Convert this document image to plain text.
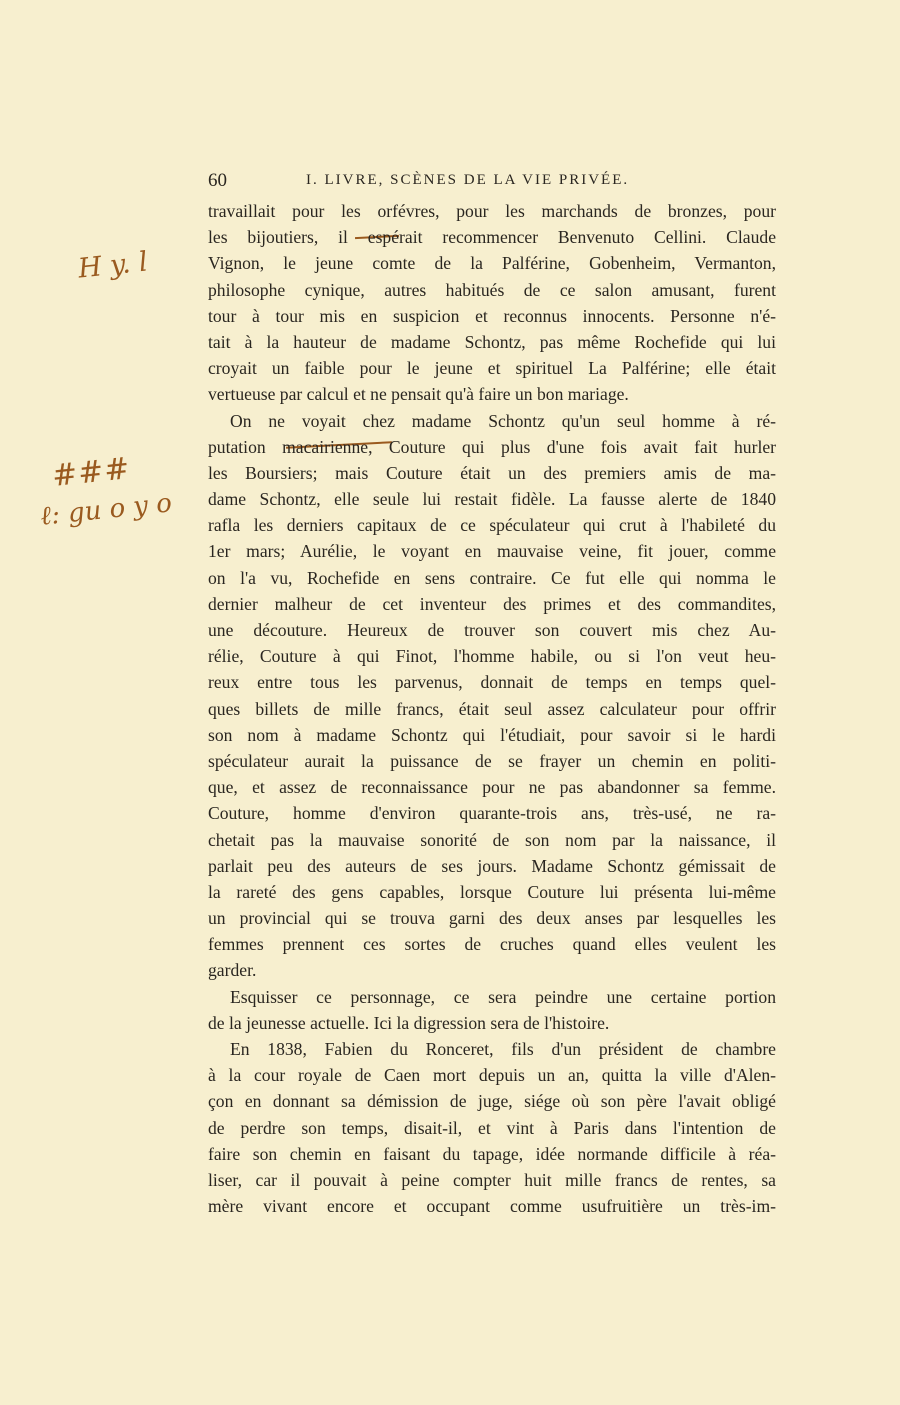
60	I. LIVRE, SCÈNES DE LA VIE PRIVÉE.
H y. l
###
ℓ: gu o y o
travaillait pour les orfévres, pour les marchands de bronzes, pour
les bijoutiers, il espérait recommencer Benvenuto Cellini. Claude
Vignon, le jeune comte de la Palférine, Gobenheim, Vermanton,
philosophe cynique, autres habitués de ce salon amusant, furent
tour à tour mis en suspicion et reconnus innocents. Personne n'é-
tait à la hauteur de madame Schontz, pas même Rochefide qui lui
croyait un faible pour le jeune et spirituel La Palférine; elle était
vertueuse par calcul et ne pensait qu'à faire un bon mariage.
On ne voyait chez madame Schontz qu'un seul homme à ré-
putation macairienne, Couture qui plus d'une fois avait fait hurler
les Boursiers; mais Couture était un des premiers amis de ma-
dame Schontz, elle seule lui restait fidèle. La fausse alerte de 1840
rafla les derniers capitaux de ce spéculateur qui crut à l'habileté du
1er mars; Aurélie, le voyant en mauvaise veine, fit jouer, comme
on l'a vu, Rochefide en sens contraire. Ce fut elle qui nomma le
dernier malheur de cet inventeur des primes et des commandites,
une découture. Heureux de trouver son couvert mis chez Au-
rélie, Couture à qui Finot, l'homme habile, ou si l'on veut heu-
reux entre tous les parvenus, donnait de temps en temps quel-
ques billets de mille francs, était seul assez calculateur pour offrir
son nom à madame Schontz qui l'étudiait, pour savoir si le hardi
spéculateur aurait la puissance de se frayer un chemin en politi-
que, et assez de reconnaissance pour ne pas abandonner sa femme.
Couture, homme d'environ quarante-trois ans, très-usé, ne ra-
chetait pas la mauvaise sonorité de son nom par la naissance, il
parlait peu des auteurs de ses jours. Madame Schontz gémissait de
la rareté des gens capables, lorsque Couture lui présenta lui-même
un provincial qui se trouva garni des deux anses par lesquelles les
femmes prennent ces sortes de cruches quand elles veulent les
garder.
Esquisser ce personnage, ce sera peindre une certaine portion
de la jeunesse actuelle. Ici la digression sera de l'histoire.
En 1838, Fabien du Ronceret, fils d'un président de chambre
à la cour royale de Caen mort depuis un an, quitta la ville d'Alen-
çon en donnant sa démission de juge, siége où son père l'avait obligé
de perdre son temps, disait-il, et vint à Paris dans l'intention de
faire son chemin en faisant du tapage, idée normande difficile à réa-
liser, car il pouvait à peine compter huit mille francs de rentes, sa
mère vivant encore et occupant comme usufruitière un très-im-
